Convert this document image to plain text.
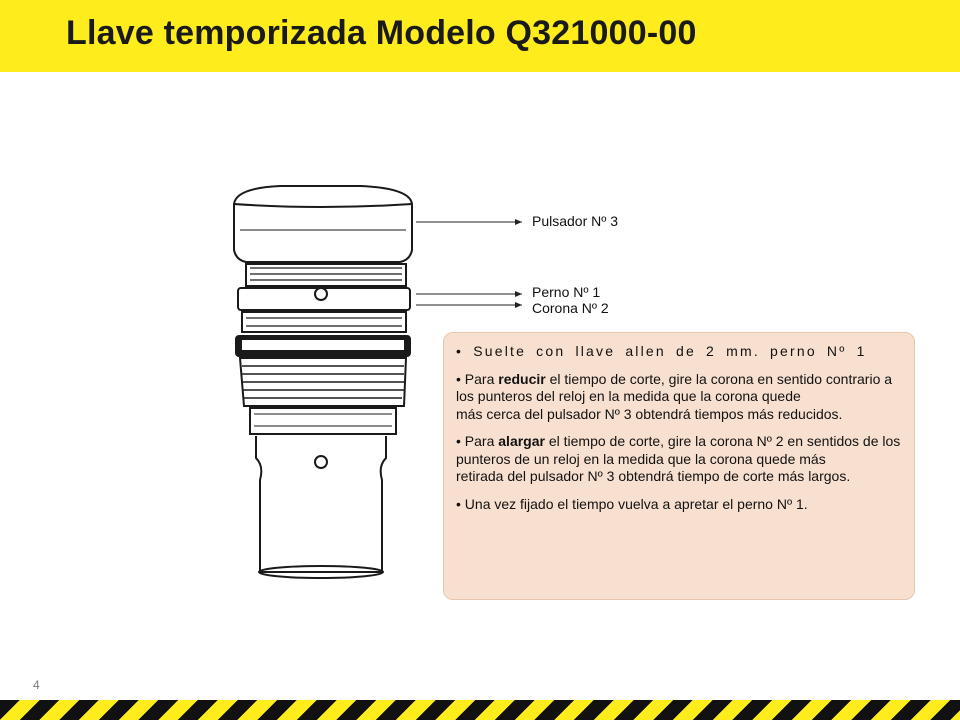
Llave temporizada Modelo Q321000-00
Pulsador Nº 3
Perno Nº 1
Corona Nº 2

• Suelte con llave allen de 2 mm. perno Nº 1

• Para reducir el tiempo de corte, gire la corona en sentido contrario a los punteros del reloj en la medida que la corona quede
más cerca del pulsador Nº 3 obtendrá tiempos más reducidos.

• Para alargar el tiempo de corte, gire la corona Nº 2 en sentidos de los punteros de un reloj en la medida que la corona quede más
retirada del pulsador Nº 3 obtendrá tiempo de corte más largos.

• Una vez fijado el tiempo vuelva a apretar el perno Nº 1.

4
